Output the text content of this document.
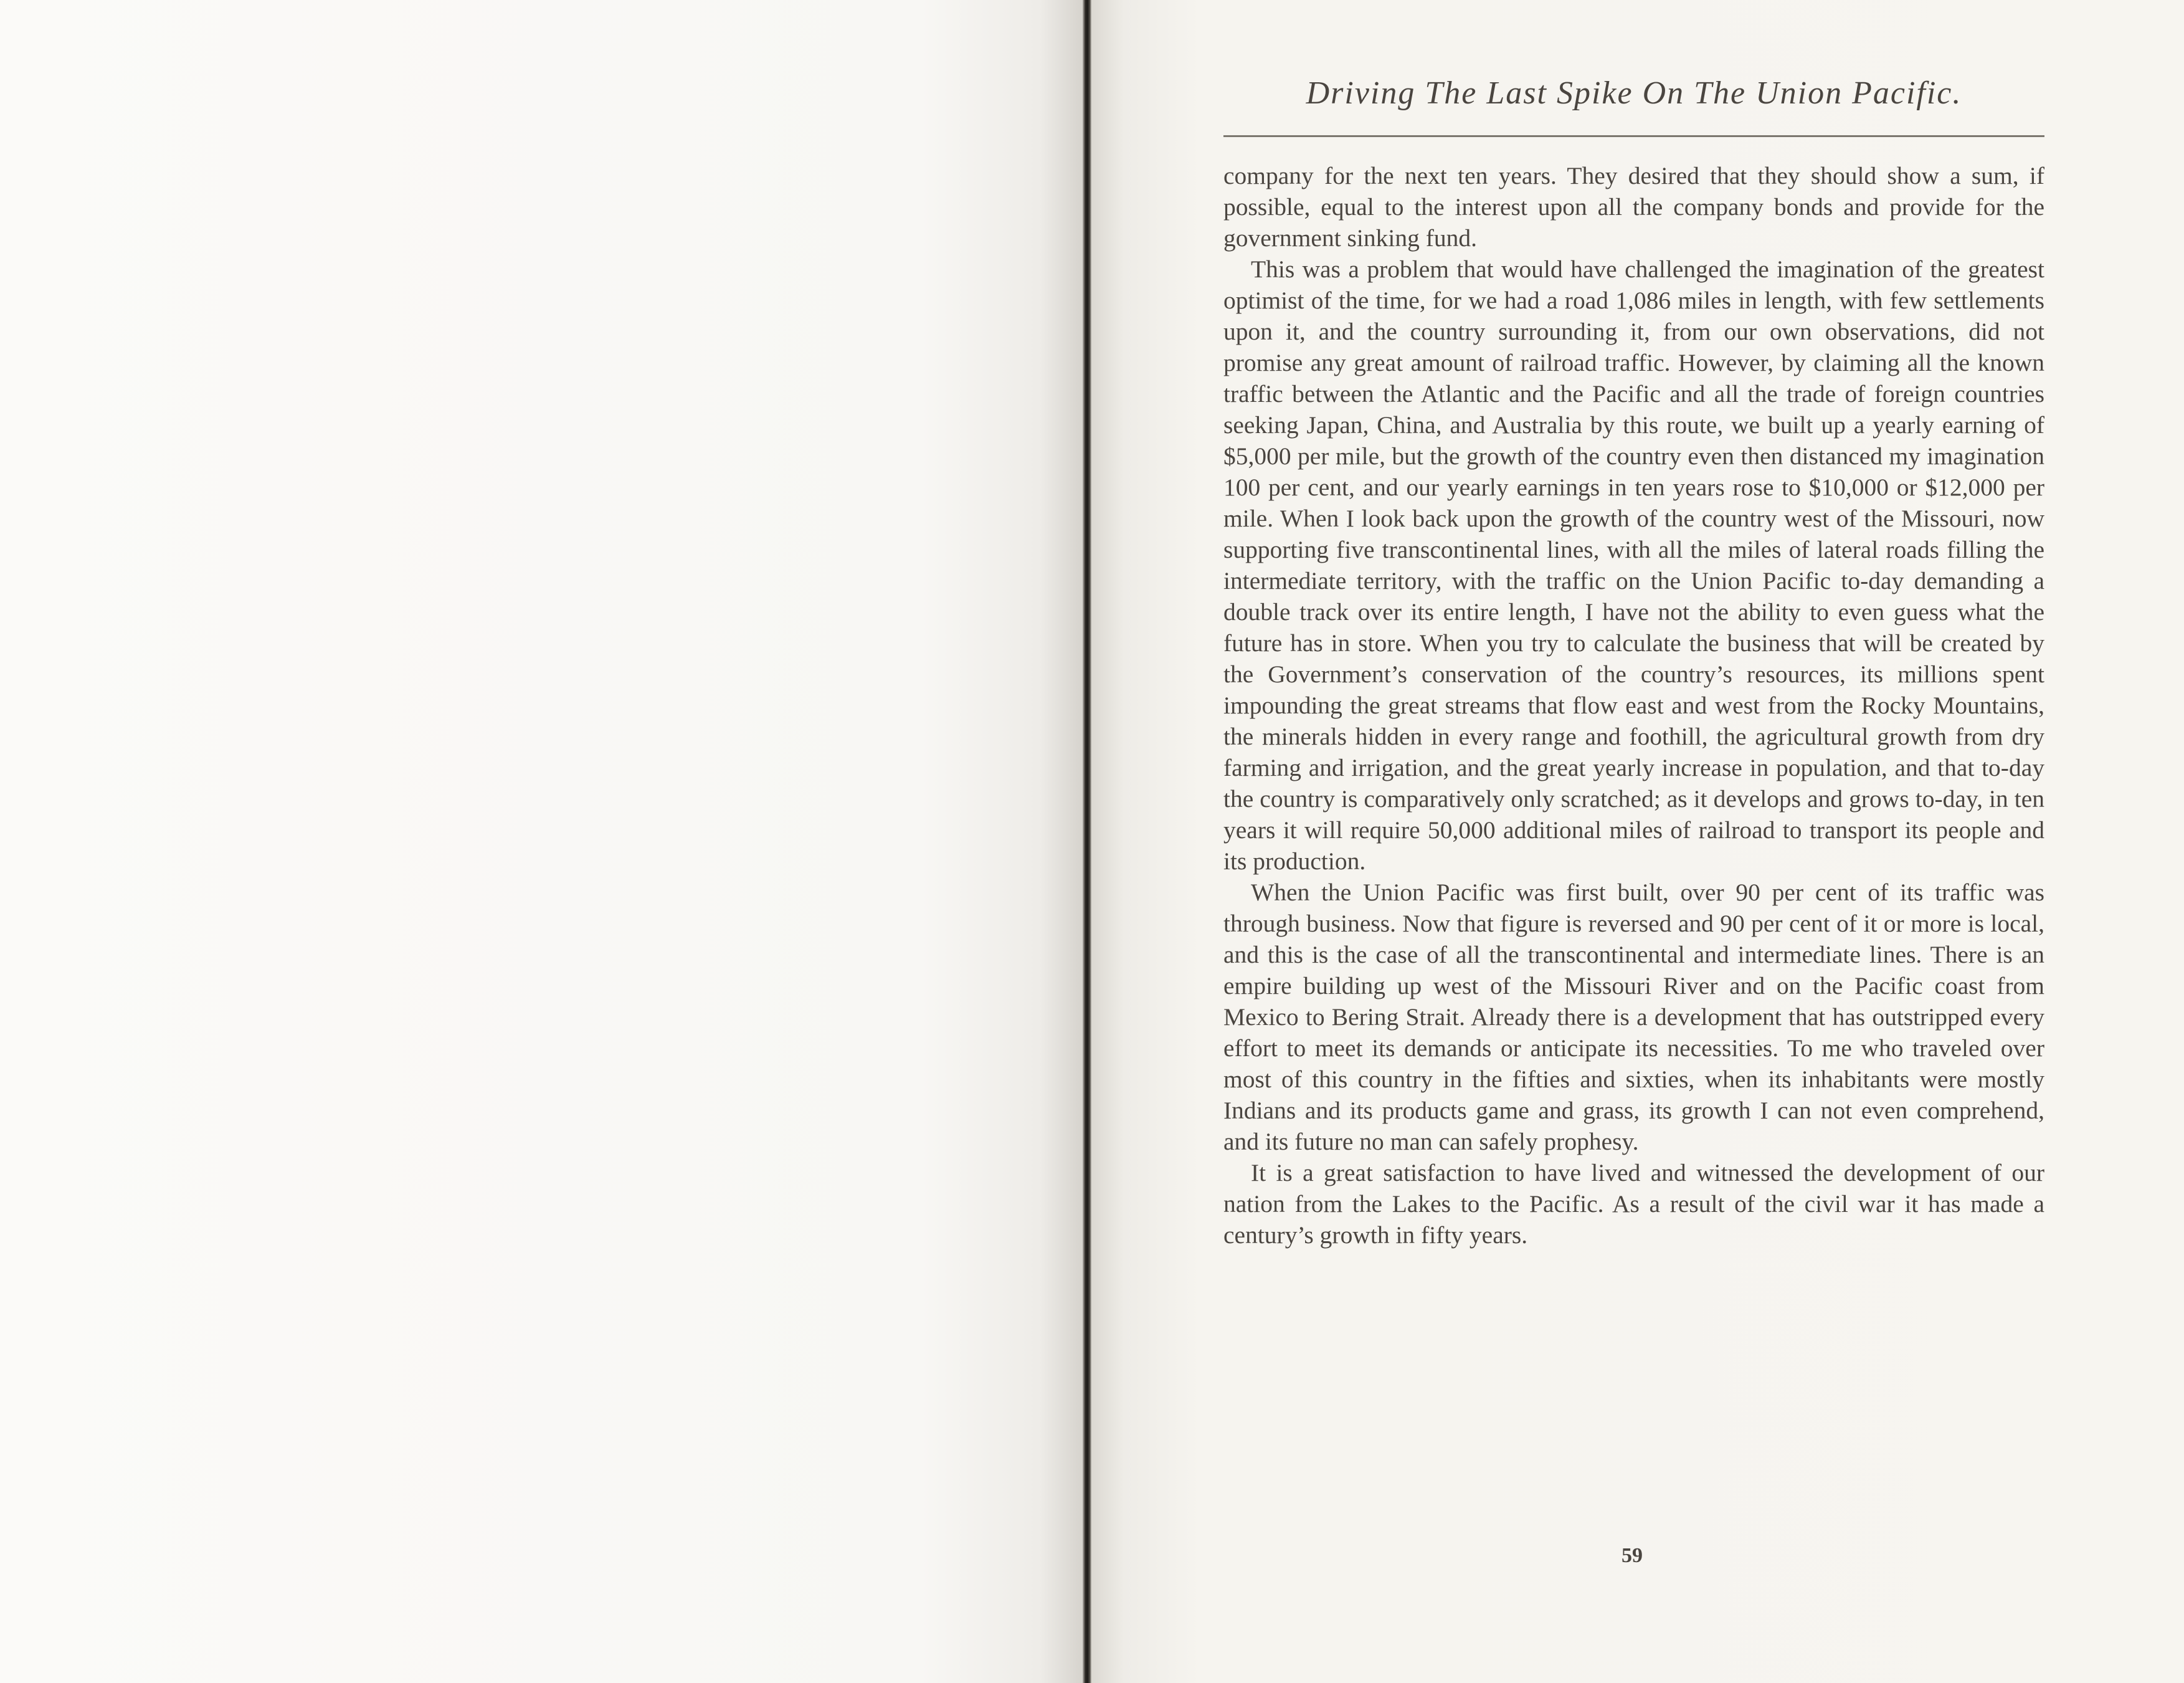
Driving The Last Spike On The Union Pacific.

company for the next ten years. They desired that they should show a sum, if possible, equal to the interest upon all the company bonds and provide for the government sinking fund.

This was a problem that would have challenged the imagination of the greatest optimist of the time, for we had a road 1,086 miles in length, with few settlements upon it, and the country surrounding it, from our own observations, did not promise any great amount of railroad traffic. However, by claiming all the known traffic between the Atlantic and the Pacific and all the trade of foreign countries seeking Japan, China, and Australia by this route, we built up a yearly earning of $5,000 per mile, but the growth of the country even then distanced my imagination 100 per cent, and our yearly earnings in ten years rose to $10,000 or $12,000 per mile. When I look back upon the growth of the country west of the Missouri, now supporting five transcontinental lines, with all the miles of lateral roads filling the intermediate territory, with the traffic on the Union Pacific to-day demanding a double track over its entire length, I have not the ability to even guess what the future has in store. When you try to calculate the business that will be created by the Government’s conservation of the country’s resources, its millions spent impounding the great streams that flow east and west from the Rocky Mountains, the minerals hidden in every range and foothill, the agricultural growth from dry farming and irrigation, and the great yearly increase in population, and that to-day the country is comparatively only scratched; as it develops and grows to-day, in ten years it will require 50,000 additional miles of railroad to transport its people and its production.

When the Union Pacific was first built, over 90 per cent of its traffic was through business. Now that figure is reversed and 90 per cent of it or more is local, and this is the case of all the transcontinental and intermediate lines. There is an empire building up west of the Missouri River and on the Pacific coast from Mexico to Bering Strait. Already there is a development that has outstripped every effort to meet its demands or anticipate its necessities. To me who traveled over most of this country in the fifties and sixties, when its inhabitants were mostly Indians and its products game and grass, its growth I can not even comprehend, and its future no man can safely prophesy.

It is a great satisfaction to have lived and witnessed the development of our nation from the Lakes to the Pacific. As a result of the civil war it has made a century’s growth in fifty years.

59
